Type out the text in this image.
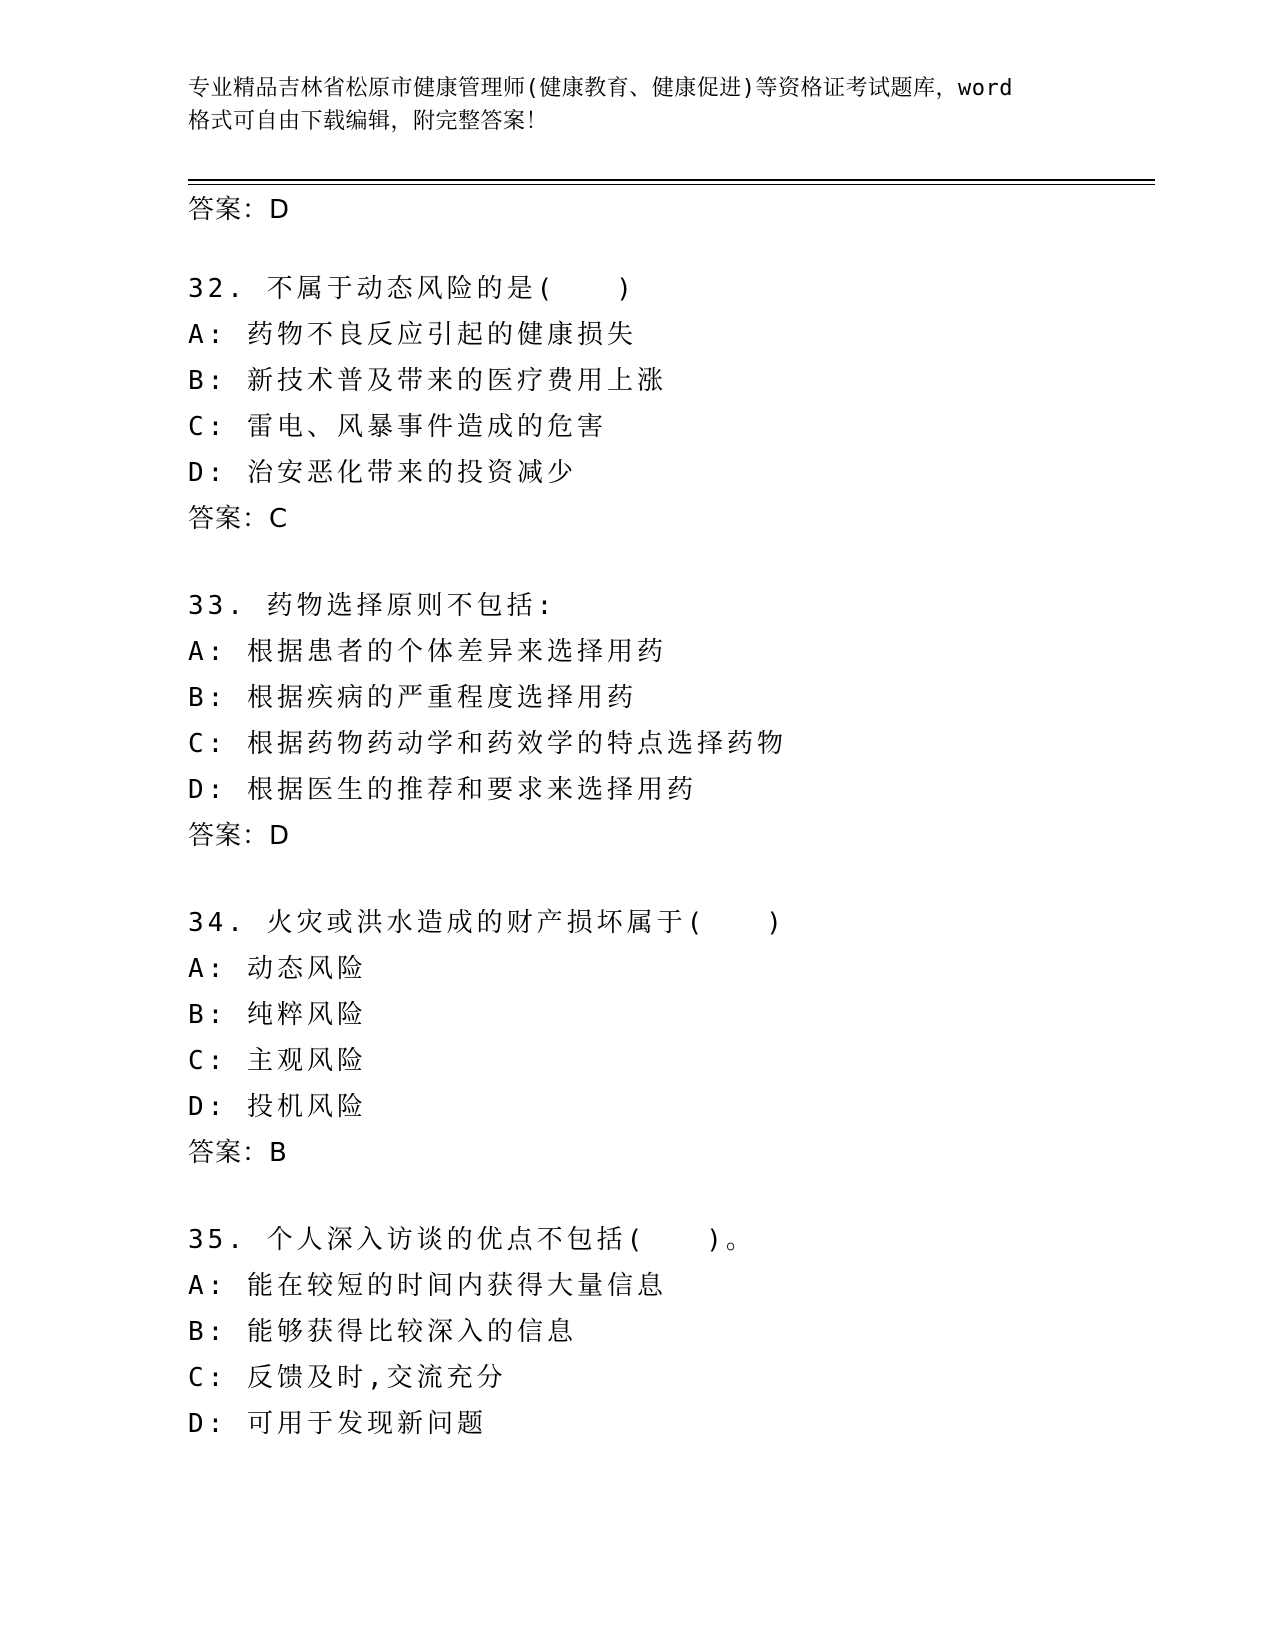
专业精品吉林省松原市健康管理师(健康教育、健康促进)等资格证考试题库，word
格式可自由下载编辑，附完整答案！
答案：D
32. 不属于动态风险的是(　　)
A: 药物不良反应引起的健康损失
B: 新技术普及带来的医疗费用上涨
C: 雷电、风暴事件造成的危害
D: 治安恶化带来的投资减少
答案：C
33. 药物选择原则不包括:
A: 根据患者的个体差异来选择用药
B: 根据疾病的严重程度选择用药
C: 根据药物药动学和药效学的特点选择药物
D: 根据医生的推荐和要求来选择用药
答案：D
34. 火灾或洪水造成的财产损坏属于(　　)
A: 动态风险
B: 纯粹风险
C: 主观风险
D: 投机风险
答案：B
35. 个人深入访谈的优点不包括(　　)。
A: 能在较短的时间内获得大量信息
B: 能够获得比较深入的信息
C: 反馈及时,交流充分
D: 可用于发现新问题
